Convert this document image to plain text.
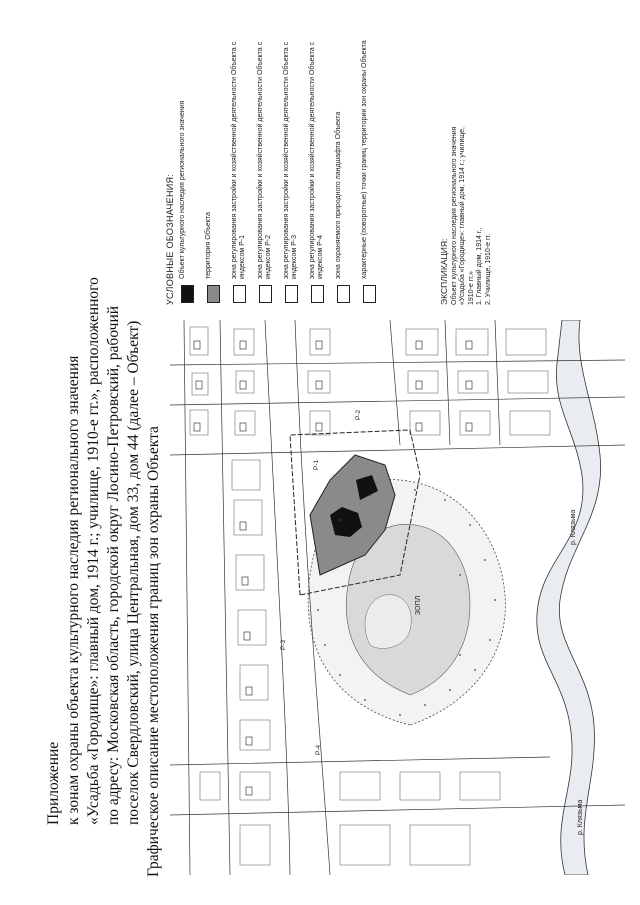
Приложение к зонам охраны объекта культурного наследия регионального значения «Усадьба «Городище»: главный дом, 1914 г.; училище, 1910-е гг.», расположенного по адресу: Московская область, городской округ Лосино-Петровский, рабочий поселок Свердловский, улица Центральная, дом 33, дом 44 (далее – Объект) Графическое описание местоположения границ зон охраны Объекта	р. Клязьма
р. Клязьма
ЗОПЛ
Р-1
Р-2
Р-3
Р-4
УСЛОВНЫЕ ОБОЗНАЧЕНИЯ: Объект культурного наследия регионального значения	территория Объекта	зона регулирования застройки и хозяйственной деятельности Объекта с индексом Р-1 зона регулирования застройки и хозяйственной деятельности Объекта с индексом Р-2 зона регулирования застройки и хозяйственной деятельности Объекта с индексом Р-3 зона регулирования застройки и хозяйственной деятельности Объекта с индексом Р-4 зона охраняемого природного ландшафта Объекта	характерные (поворотные) точки границ территории зон охраны Объекта	ЭКСПЛИКАЦИЯ: Объект культурного наследия регионального значения «Усадьба «Городище»: главный дом, 1914 г.; училище, 1910-е гг.» 1. Главный дом, 1914 г., 2. Училище, 1910-е гг.
